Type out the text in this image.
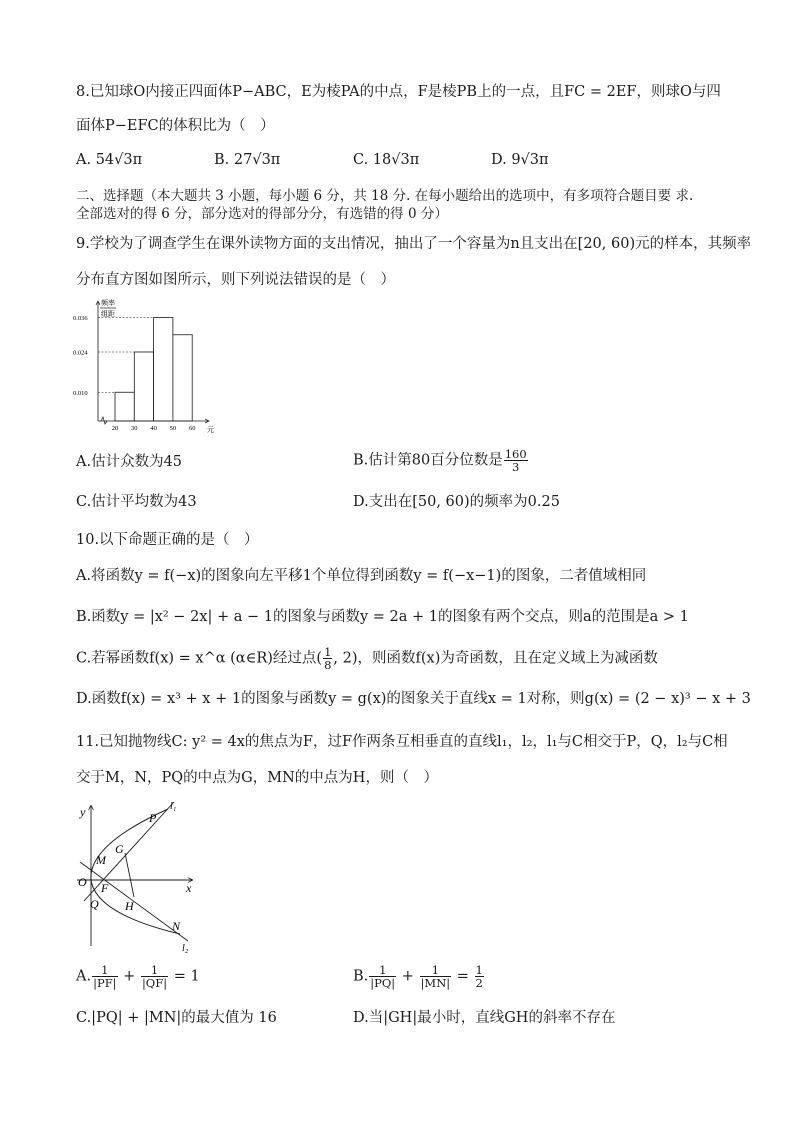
8.已知球O内接正四面体P−ABC，E为棱PA的中点，F是棱PB上的一点，且FC = 2EF，则球O与四
面体P−EFC的体积比为（　）
A. 54√3π	B. 27√3π	C. 18√3π	D. 9√3π
二、选择题（本大题共 3 小题，每小题 6 分，共 18 分. 在每小题给出的选项中，有多项符合题目要 求.
全部选对的得 6 分，部分选对的得部分分，有选错的得 0 分）
9.学校为了调查学生在课外读物方面的支出情况，抽出了一个容量为n且支出在[20, 60)元的样本，其频率
分布直方图如图所示，则下列说法错误的是（　）
频率
组距
0.010
0.024
0.036
20 30 40 50 60 元
A.估计众数为45	B.估计第80百分位数是 $\frac{160}{3}$
C.估计平均数为43	D.支出在[50, 60)的频率为0.25
10.以下命题正确的是（　）
A.将函数y = f(−x)的图象向左平移1个单位得到函数y = f(−x−1)的图象，二者值域相同
B.函数y = |x² − 2x| + a − 1的图象与函数y = 2a + 1的图象有两个交点，则a的范围是a > 1
C.若幂函数f(x) = x^α (α∈R)经过点( $\frac{1}{8}$ , 2)，则函数f(x)为奇函数，且在定义域上为减函数
D.函数f(x) = x³ + x + 1的图象与函数y = g(x)的图象关于直线x = 1对称，则g(x) = (2 − x)³ − x + 3
11.已知抛物线C: y² = 4x的焦点为F，过F作两条互相垂直的直线l₁，l₂，l₁与C相交于P，Q，l₂与C相
交于M，N，PQ的中点为G，MN的中点为H，则（　）
y
x
O F
P
Q
M
N
G
H
l₁
l₂
A. $\frac{1}{|PF|} + \frac{1}{|QF|} = 1$	B. $\frac{1}{|PQ|} + \frac{1}{|MN|} = \frac{1}{2}$
C.|PQ| + |MN|的最大值为 16	D.当|GH|最小时，直线GH的斜率不存在
